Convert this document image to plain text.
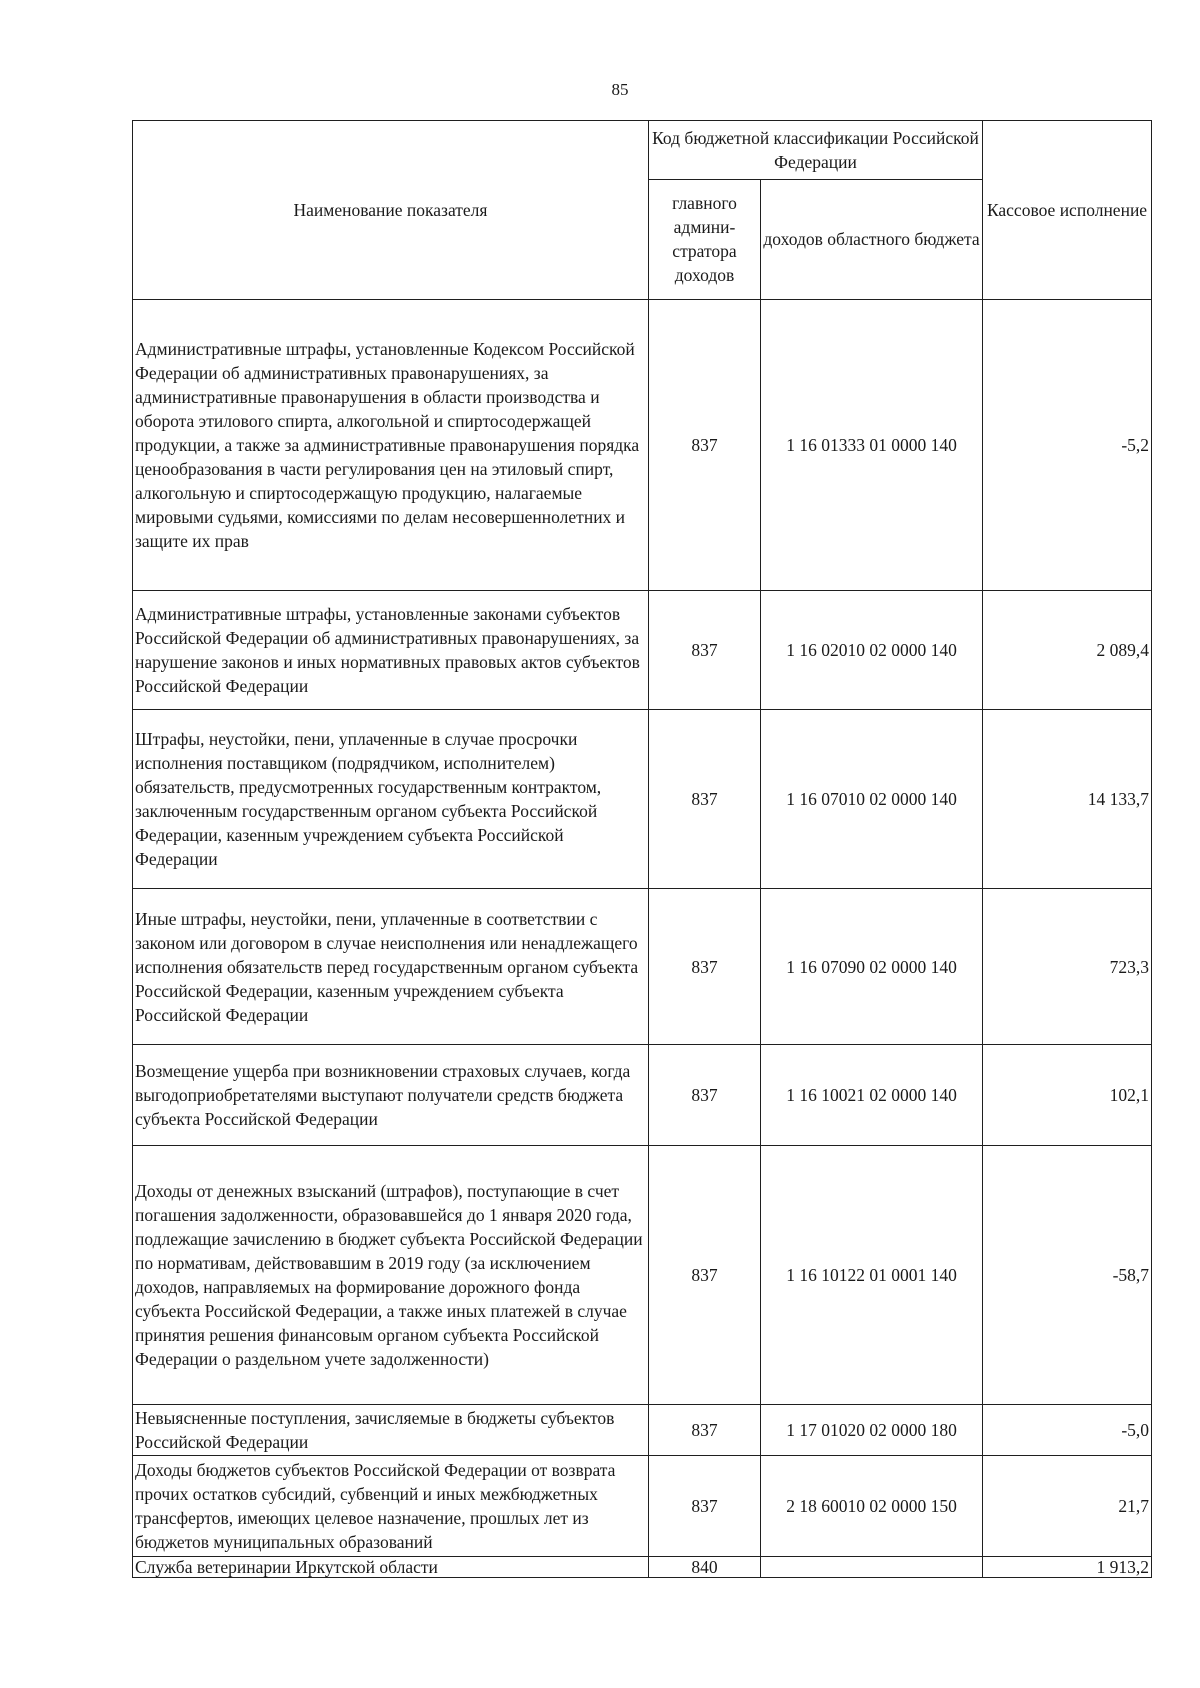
85
Наименование показателя	Код бюджетной классификации Российской Федерации		Кассовое исполнение
	главного админи-стратора доходов	доходов областного бюджета	
Административные штрафы, установленные Кодексом Российской Федерации об административных правонарушениях, за административные правонарушения в области производства и оборота этилового спирта, алкогольной и спиртосодержащей продукции, а также за административные правонарушения порядка ценообразования в части регулирования цен на этиловый спирт, алкогольную и спиртосодержащую продукцию, налагаемые мировыми судьями, комиссиями по делам несовершеннолетних и защите их прав	837	1 16 01333 01 0000 140	-5,2
Административные штрафы, установленные законами субъектов Российской Федерации об административных правонарушениях, за нарушение законов и иных нормативных правовых актов субъектов Российской Федерации	837	1 16 02010 02 0000 140	2 089,4
Штрафы, неустойки, пени, уплаченные в случае просрочки исполнения поставщиком (подрядчиком, исполнителем) обязательств, предусмотренных государственным контрактом, заключенным государственным органом субъекта Российской Федерации, казенным учреждением субъекта Российской Федерации	837	1 16 07010 02 0000 140	14 133,7
Иные штрафы, неустойки, пени, уплаченные в соответствии с законом или договором в случае неисполнения или ненадлежащего исполнения обязательств перед государственным органом субъекта Российской Федерации, казенным учреждением субъекта Российской Федерации	837	1 16 07090 02 0000 140	723,3
Возмещение ущерба при возникновении страховых случаев, когда выгодоприобретателями выступают получатели средств бюджета субъекта Российской Федерации	837	1 16 10021 02 0000 140	102,1
Доходы от денежных взысканий (штрафов), поступающие в счет погашения задолженности, образовавшейся до 1 января 2020 года, подлежащие зачислению в бюджет субъекта Российской Федерации по нормативам, действовавшим в 2019 году (за исключением доходов, направляемых на формирование дорожного фонда субъекта Российской Федерации, а также иных платежей в случае принятия решения финансовым органом субъекта Российской Федерации о раздельном учете задолженности)	837	1 16 10122 01 0001 140	-58,7
Невыясненные поступления, зачисляемые в бюджеты субъектов Российской Федерации	837	1 17 01020 02 0000 180	-5,0
Доходы бюджетов субъектов Российской Федерации от возврата прочих остатков субсидий, субвенций и иных межбюджетных трансфертов, имеющих целевое назначение, прошлых лет из бюджетов муниципальных образований	837	2 18 60010 02 0000 150	21,7
Служба ветеринарии Иркутской области	840		1 913,2
